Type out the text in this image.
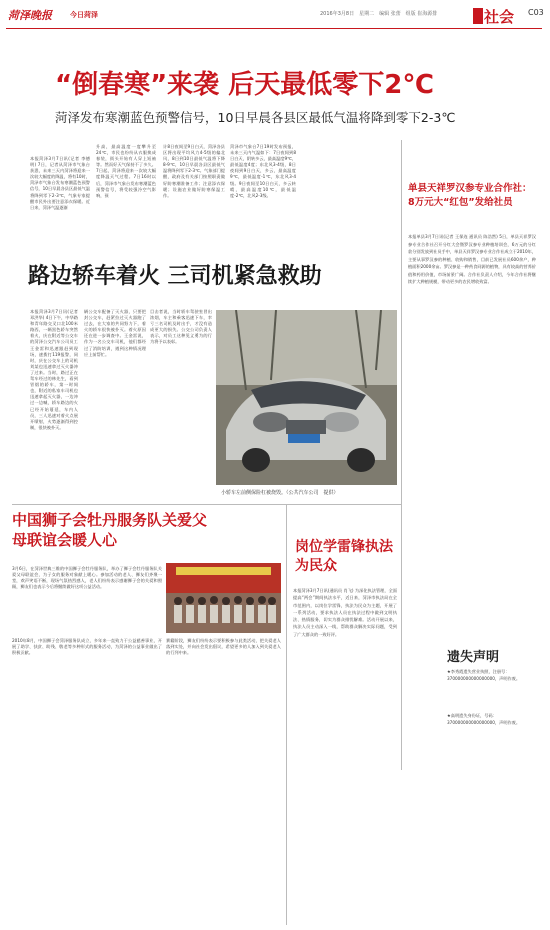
菏泽晚报	今日菏泽	2016年3月8日　星期二　编辑 张蕾　组版 崔海源排	社会 C03
“倒春寒”来袭 后天最低零下2℃
菏泽发布寒潮蓝色预警信号，10日早晨各县区最低气温将降到零下2-3℃
本报菏泽3月7日讯(记者 李德明) 7日，记者从菏泽市气象台获悉，未来三天内菏泽将迎来一次较大幅度的降温，将有10时，菏泽市气象台发布寒潮蓝色预警信号，10日早晨各县区最低气温将降到零下2-3℃，气象专家提醒市民外出要注意添衣保暖。近日来，菏泽气温逐渐
升高，最高温度一度攀升至24℃，市民也纷纷从衣服换成春装，街头开始有人穿上短袖等。然而好天气保持不了多久。7日起，菏泽将迎来一次较大幅度降温天气过程。7日16时以后，菏泽市气象台发布寒潮蓝色预警信号，将受较强冷空气影响，预
计8日夜间至9日白天，菏泽各县区将出现平均风力4-5级的偏北风，8日到10日最低气温将下降8-9℃，10日早晨各县区最低气温将降到零下2-3℃。气象部门提醒，政府及有关部门按照职责做好防寒潮准备工作；注意添衣保暖；设施农业做好防寒保温工作。
菏泽市气象台7日19时发布预报，未来三天内气温如下：7日夜间到8日白天，阴转多云，最高温度9℃，最低温度4度；东北风3-4级，8日夜间到9日白天，多云，最高温度9℃，最低温度-1℃，东北风3-4级。9日夜间至10日白天，多云转晴，最高温度10℃，最低温度-2℃，北风2-3级。
单县天祥罗汉参专业合作社：8万元大“红包”发给社员
本报单县3月7日讯(记者 王保连 通讯员 陈浩然) 5日，单县天祥罗汉参专业合作社召开分红大会暨罗汉参专业种植培训会，6万元的分红款分别发放到社员手中，单县天祥罗汉参专业合作社成立于2010年，主要从事罗汉参的种植、收购和销售，目前已发展社员600余户，种植面积2000余亩。罗汉参是一种药食同源的植物，具有较高的营养价值和药用价值，市场前景广阔。合作社负责人介绍，今年合作社将继续扩大种植规模，带动更多的农民增收致富。
路边轿车着火 三司机紧急救助
本报菏泽3月7日讯(记者 邓洪华) 4日下午，中华路和青年路交叉口北100米路西，一辆黑色轿车突然着火，庆在附近等公交车的菏泽公交汽车公司员工王金雷和迅速跟赶到现场，速拨打119报警，同时，庆在公交车上的司机刘某也迅速拿过灭火器冲了过来。当时，路过正在驾车经过的林先生，看到冒烟的轿车，第一时间也，附近的私家车司机也迅速拿起灭火器，一边冲过一边喊，轿车路边的火已经开始蔓延，车内人员，三人迅速对着火点展开喷射，火势逐渐得到控制，很快被扑灭。
辆公交车配备了灭火器，只要把封公交车，赶紧拉过灭火器跑了过去，在大家的共同努力下，着火的轿车很快被扑灭。着火原因还在进一步调查中。王金雷说，作为一名公交车司机，他们都经过了消防培训，遇到这种情况理应上前帮忙。
目击者说，当时轿车驾驶室冒出浓烟，车主和乘客迅速下车，幸亏三名司机及时出手，才没有造成更大的损失。公交公司负责人表示，对员工这种见义勇为的行为将予以表彰。
小轿车左前侧保险杠被烧毁。（公共汽车公司　提供）
中国狮子会牡丹服务队关爱父母联谊会暖人心
3月6日，在菏泽世典三维的中国狮子会牡丹服务队，举办了狮子会牡丹服务队关爱父母联谊会，为子女的服务对象献上暖心。参加活动的老人、狮友们齐聚一堂，欢声笑语不断，现场气氛热烈感人，老人们纷纷表示感谢狮子会的关爱和照顾，狮友们也表示今后将继续做好这项公益活动。
2010年8月，中国狮子会菏泽服务队成立，多年来一直致力于公益慈善事业，开展了助学、扶贫、助残、敬老等多种形式的服务活动，为菏泽的公益事业做出了积极贡献。
赛籍阶段，狮友们纷纷表示要积极参与此类活动，把关爱老人落到实处，并向社会发出倡议，希望更多的人加入到关爱老人的行列中来。
岗位学雷锋执法为民众
本报菏泽3月7日讯(通讯员 肖飞) 为深化执法管理，全面提高“两会”期间执法水平，近日来，菏泽市执法局在全市范围内，以岗位学雷锋，执法为民众为主题，开展了一系列活动，要求执法人员在执法过程中做到文明执法、热情服务，切实为群众排忧解难。活动开展以来，执法人员主动深入一线，帮助群众解决实际问题，受到了广大群众的一致好评。
遗失声明
★李秀霞遗失营业执照，注册号：370000000000000000，声明作废。
★高明遗失身份证，号码：370000000000000000，声明作废。
